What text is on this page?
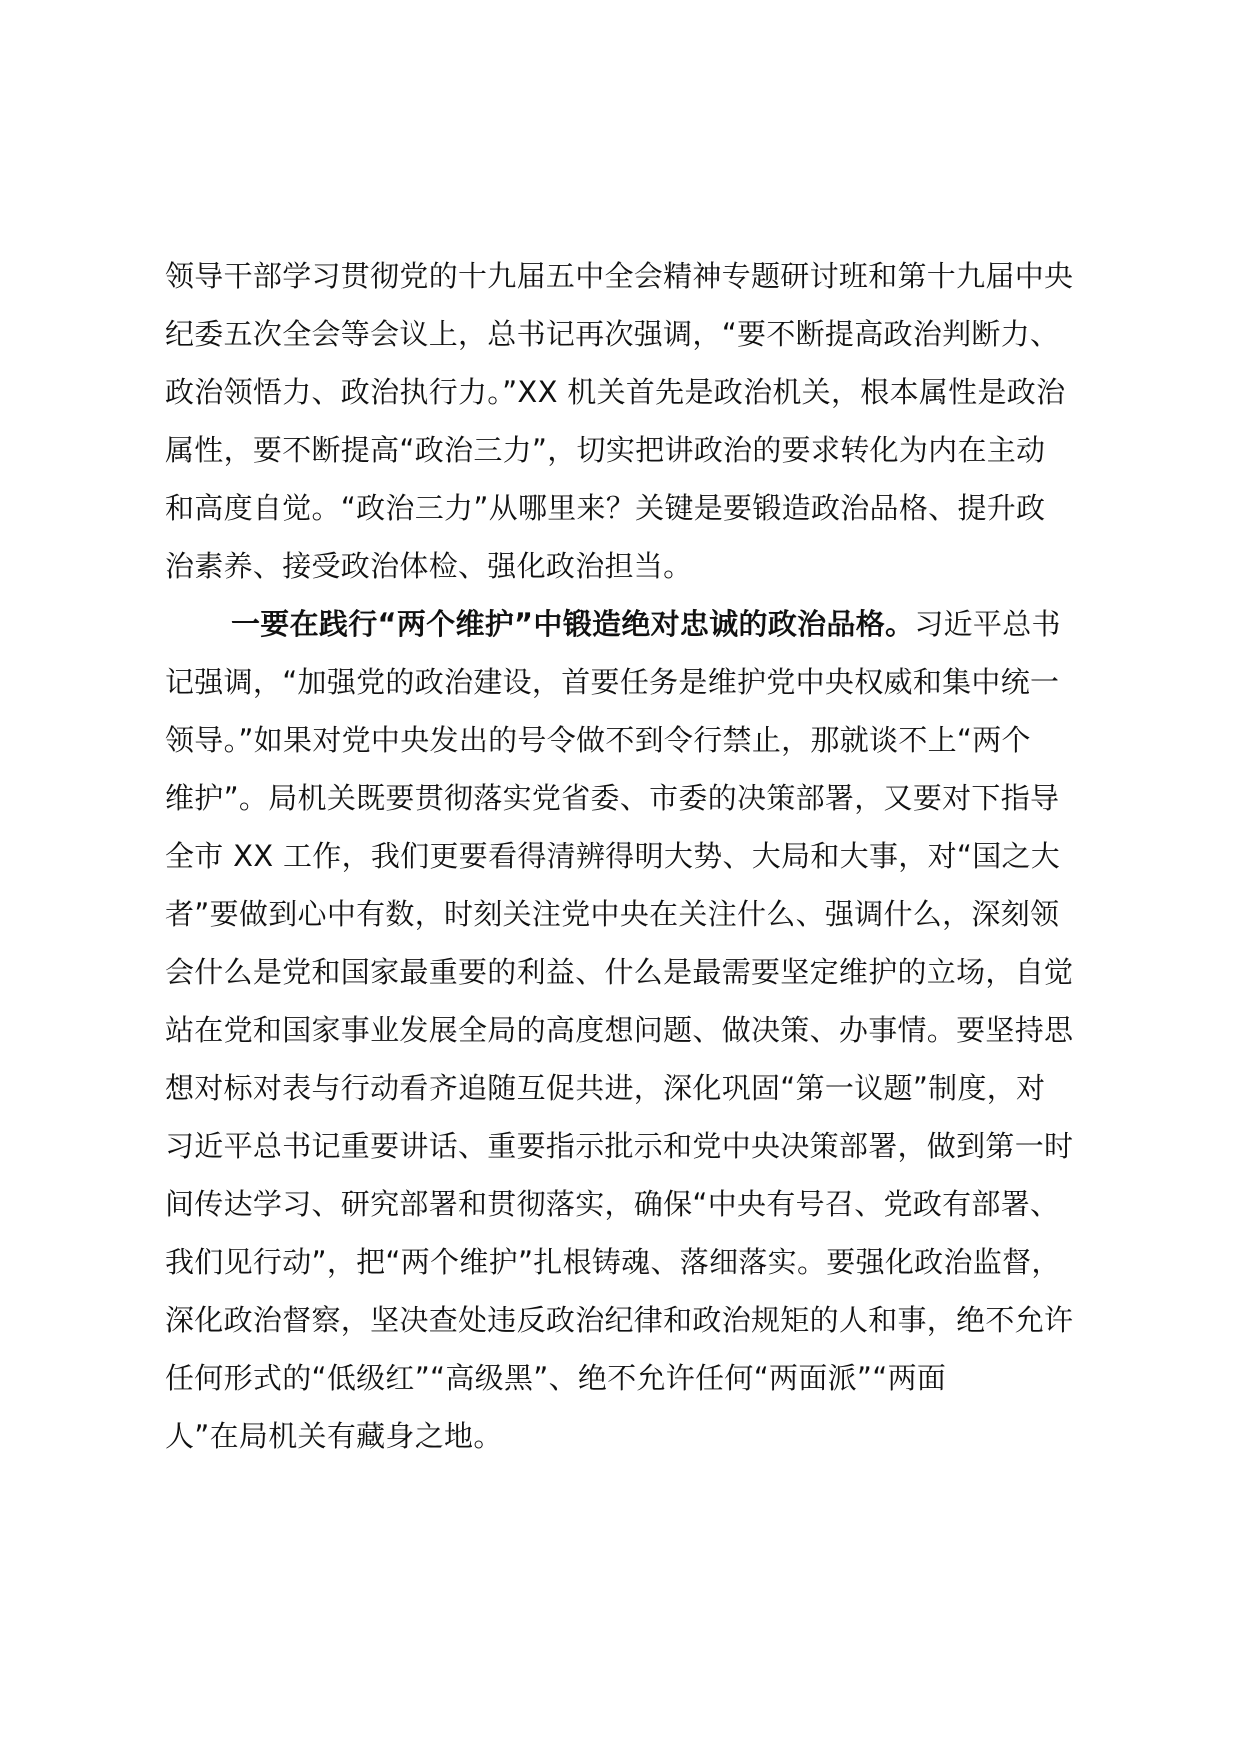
领导干部学习贯彻党的十九届五中全会精神专题研讨班和第十九届中央
纪委五次全会等会议上，总书记再次强调，“要不断提高政治判断力、
政治领悟力、政治执行力。”XX 机关首先是政治机关，根本属性是政治
属性，要不断提高“政治三力”，切实把讲政治的要求转化为内在主动
和高度自觉。“政治三力”从哪里来？关键是要锻造政治品格、提升政
治素养、接受政治体检、强化政治担当。
一要在践行“两个维护”中锻造绝对忠诚的政治品格。习近平总书
记强调，“加强党的政治建设，首要任务是维护党中央权威和集中统一
领导。”如果对党中央发出的号令做不到令行禁止，那就谈不上“两个
维护”。局机关既要贯彻落实党省委、市委的决策部署，又要对下指导
全市 XX 工作，我们更要看得清辨得明大势、大局和大事，对“国之大
者”要做到心中有数，时刻关注党中央在关注什么、强调什么，深刻领
会什么是党和国家最重要的利益、什么是最需要坚定维护的立场，自觉
站在党和国家事业发展全局的高度想问题、做决策、办事情。要坚持思
想对标对表与行动看齐追随互促共进，深化巩固“第一议题”制度，对
习近平总书记重要讲话、重要指示批示和党中央决策部署，做到第一时
间传达学习、研究部署和贯彻落实，确保“中央有号召、党政有部署、
我们见行动”，把“两个维护”扎根铸魂、落细落实。要强化政治监督，
深化政治督察，坚决查处违反政治纪律和政治规矩的人和事，绝不允许
任何形式的“低级红”“高级黑”、绝不允许任何“两面派”“两面
人”在局机关有藏身之地。
